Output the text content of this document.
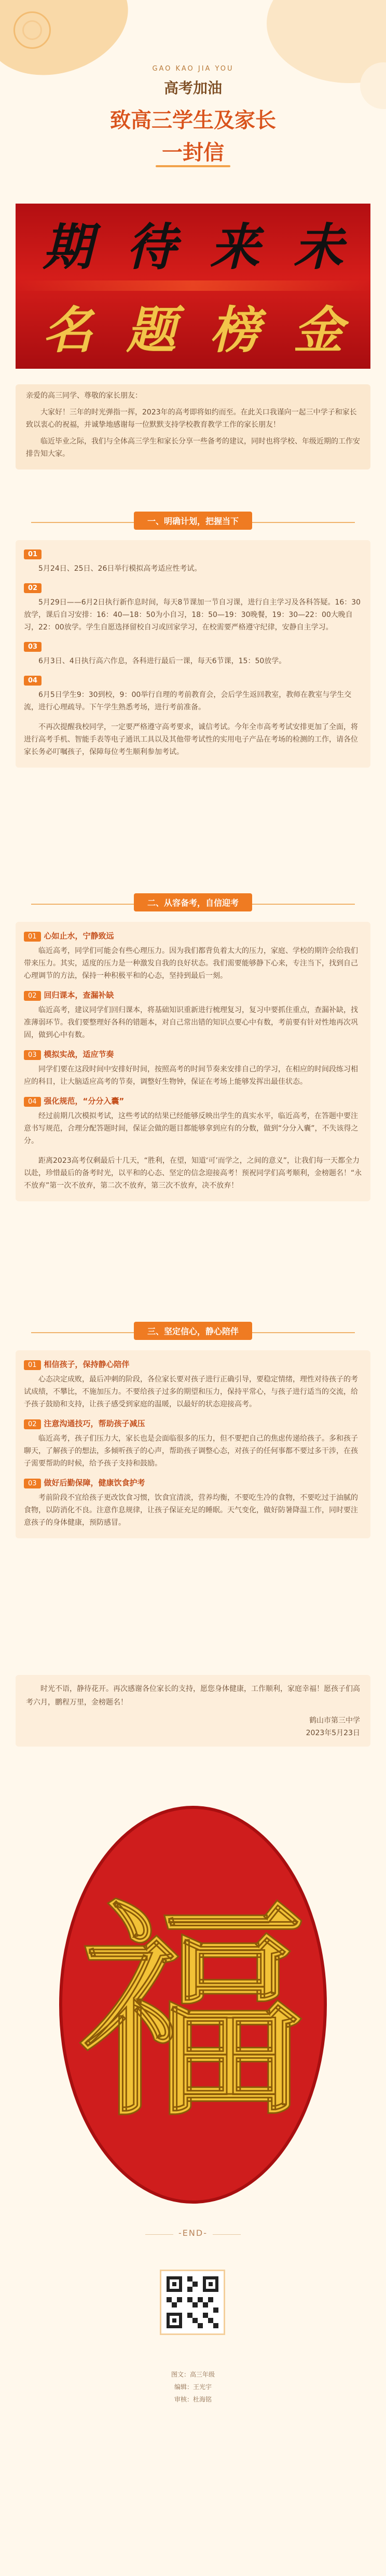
GAO KAO JIA YOU
高考加油
致高三学生及家长
一封信
期 待 来 未
名 题 榜 金

亲爱的高三同学、尊敬的家长朋友：

大家好！三年的时光弹指一挥，2023年的高考即将如约而至。在此关口我谨向一起三中学子和家长致以衷心的祝福，并诚挚地感谢每一位默默支持学校教育教学工作的家长朋友！

临近毕业之际，我们与全体高三学生和家长分享一些备考的建议，同时也将学校、年级近期的工作安排告知大家。

一、明确计划，把握当下
01
5月24日、25日、26日举行模拟高考适应性考试。
02
5月29日——6月2日执行新作息时间，每天8节课加一节自习课，进行自主学习及各科答疑。16：30放学，课后自习安排：16：40—18：50为小自习，18：50—19：30晚餐，19：30—22：00大晚自习，22：00放学。学生自愿选择留校自习或回家学习，在校需要严格遵守纪律，安静自主学习。
03
6月3日、4日执行高六作息，各科进行最后一课，每天6节课，15：50放学。
04
6月5日学生9：30到校，9：00举行自理的考前教育会，会后学生返回教室，教师在教室与学生交流，进行心理疏导。下午学生熟悉考场，进行考前准备。
不再次提醒我校同学，一定要严格遵守高考要求，诚信考试。今年全市高考考试安排更加了全面，将进行高考手机、智能手表等电子通讯工具以及其他带考试性的实用电子产品在考场的检测的工作，请各位家长务必叮嘱孩子，保障每位考生顺利参加考试。
二、从容备考，自信迎考
01 心如止水，宁静致远
临近高考，同学们可能会有些心理压力。因为我们都背负着太大的压力，家庭、学校的期许会给我们带来压力。其实，适度的压力是一种激发自我的良好状态。我们需要能够静下心来，专注当下，找到自己心理调节的方法，保持一种积极平和的心态，坚持到最后一刻。
02 回归课本，查漏补缺
临近高考，建议同学们回归课本，将基础知识重新进行梳理复习，复习中要抓住重点，查漏补缺，找准薄弱环节。我们要整理好各科的错题本，对自己常出错的知识点要心中有数，考前要有针对性地再次巩固，做到心中有数。
03 模拟实战，适应节奏
同学们要在这段时间中安排好时间，按照高考的时间节奏来安排自己的学习，在相应的时间段练习相应的科目，让大脑适应高考的节奏，调整好生物钟，保证在考场上能够发挥出最佳状态。
04 强化规范，“分分入囊”
经过前期几次模拟考试，这些考试的结果已经能够反映出学生的真实水平，临近高考，在答题中要注意书写规范，合理分配答题时间，保证会做的题目都能够拿到应有的分数，做到“分分入囊”，不失该得之分。
距离2023高考仅剩最后十几天，“胜利，在望，知道‘可’而学之，之间的意义”，让我们每一天都全力以赴，珍惜最后的备考时光，以平和的心态、坚定的信念迎接高考！预祝同学们高考顺利，金榜题名！“永不放弃”第一次不放弃，第二次不放弃，第三次不放弃，决不放弃！
三、坚定信心，静心陪伴
01 相信孩子，保持静心陪伴
心态决定成败，最后冲刺的阶段，各位家长要对孩子进行正确引导，要稳定情绪，理性对待孩子的考试成绩，不攀比，不施加压力。不要给孩子过多的期望和压力，保持平常心，与孩子进行适当的交流，给予孩子鼓励和支持，让孩子感受到家庭的温暖，以最好的状态迎接高考。
02 注意沟通技巧，帮助孩子减压
临近高考，孩子们压力大，家长也是会面临很多的压力，但不要把自己的焦虑传递给孩子。多和孩子聊天，了解孩子的想法，多倾听孩子的心声，帮助孩子调整心态，对孩子的任何事都不要过多干涉，在孩子需要帮助的时候，给予孩子支持和鼓励。
03 做好后勤保障，健康饮食护考
考前阶段不宜给孩子更改饮食习惯，饮食宜清淡，营养均衡，不要吃生冷的食物，不要吃过于油腻的食物，以防消化不良。注意作息规律，让孩子保证充足的睡眠。天气变化，做好防暑降温工作，同时要注意孩子的身体健康，预防感冒。

时光不语，静待花开。再次感谢各位家长的支持，愿您身体健康，工作顺利，家庭幸福！愿孩子们高考六月，鹏程万里，金榜题名！

鹤山市第三中学
2023年5月23日
福
-END-
图文：高三年级
编辑：王光宇
审核：杜海铭
